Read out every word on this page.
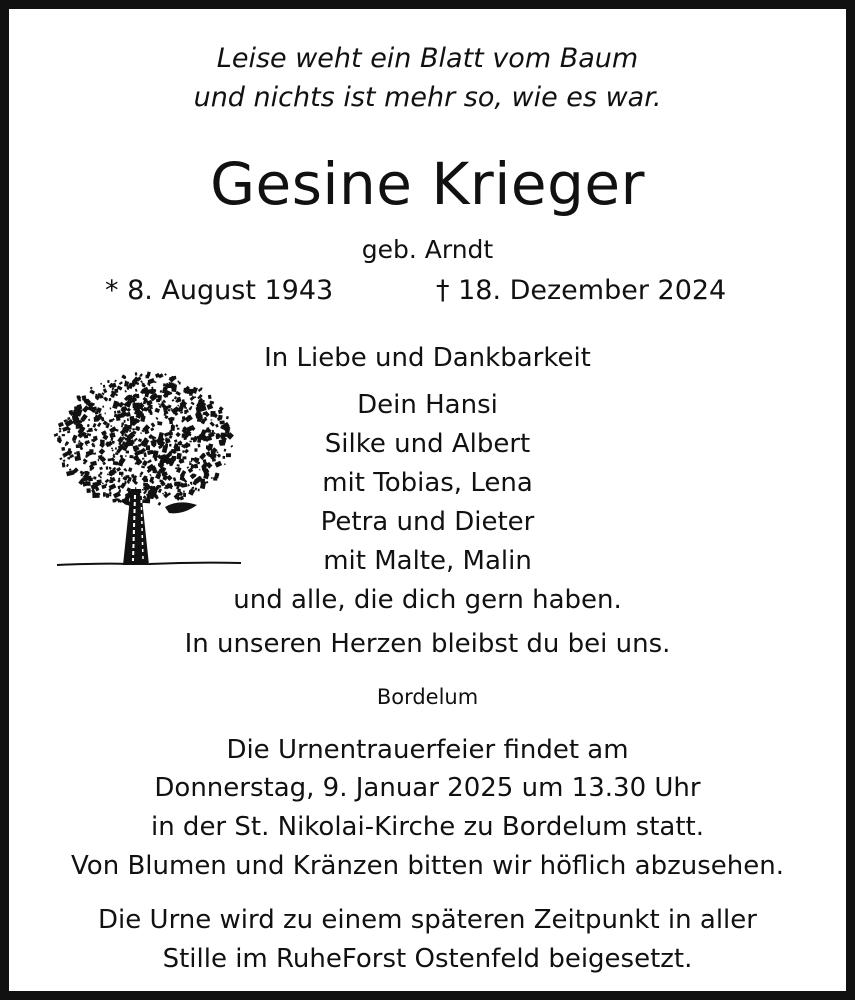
Leise weht ein Blatt vom Baum
und nichts ist mehr so, wie es war.
Gesine Krieger
geb. Arndt
* 8. August 1943	† 18. Dezember 2024
In Liebe und Dankbarkeit
Dein Hansi
Silke und Albert
mit Tobias, Lena
Petra und Dieter
mit Malte, Malin
und alle, die dich gern haben.
In unseren Herzen bleibst du bei uns.
Bordelum
Die Urnentrauerfeier findet am
Donnerstag, 9. Januar 2025 um 13.30 Uhr
in der St. Nikolai-Kirche zu Bordelum statt.
Von Blumen und Kränzen bitten wir höflich abzusehen.
Die Urne wird zu einem späteren Zeitpunkt in aller
Stille im RuheForst Ostenfeld beigesetzt.
